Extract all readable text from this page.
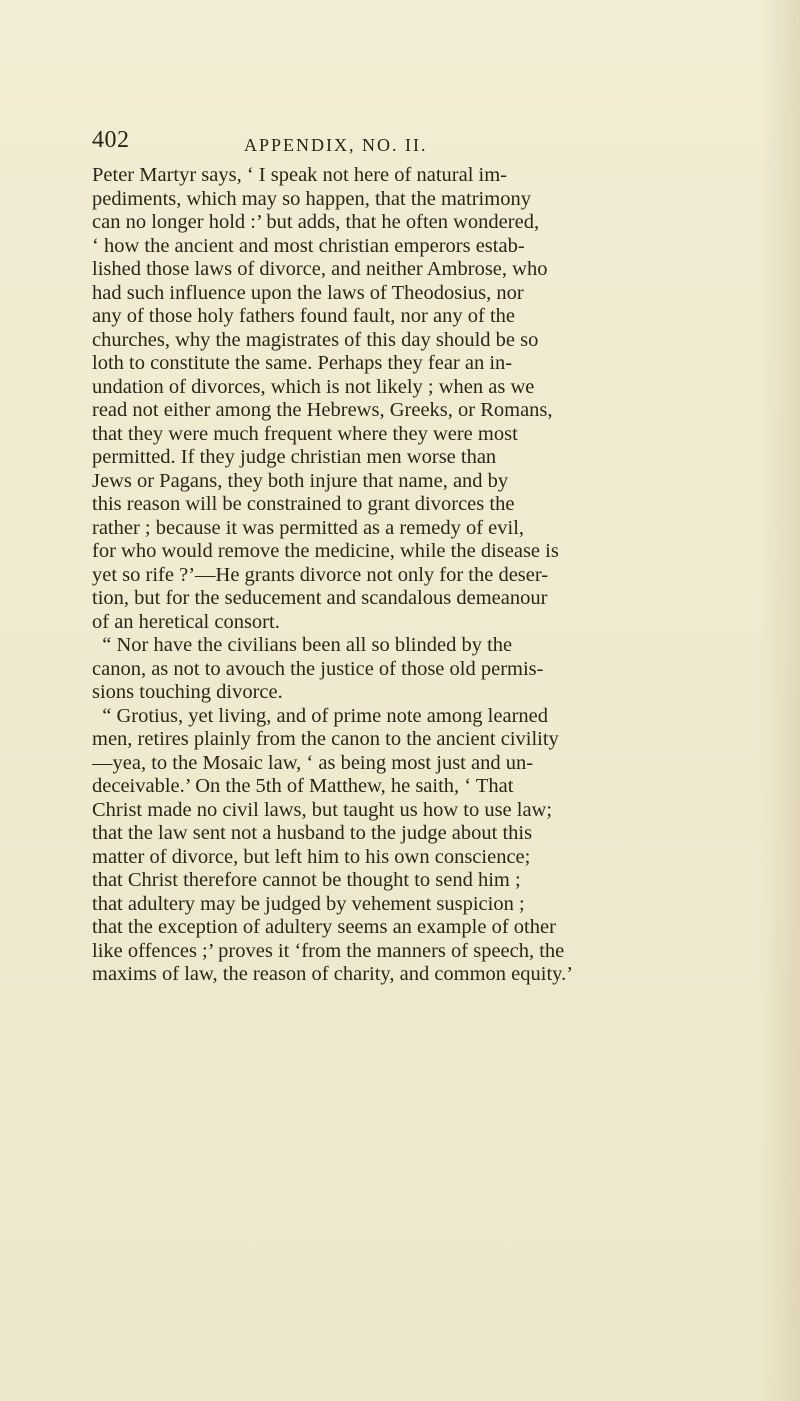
402	APPENDIX, NO. II.
Peter Martyr says, ‘ I speak not here of natural im-
pediments, which may so happen, that the matrimony
can no longer hold :’ but adds, that he often wondered,
‘ how the ancient and most christian emperors estab-
lished those laws of divorce, and neither Ambrose, who
had such influence upon the laws of Theodosius, nor
any of those holy fathers found fault, nor any of the
churches, why the magistrates of this day should be so
loth to constitute the same. Perhaps they fear an in-
undation of divorces, which is not likely ; when as we
read not either among the Hebrews, Greeks, or Romans,
that they were much frequent where they were most
permitted. If they judge christian men worse than
Jews or Pagans, they both injure that name, and by
this reason will be constrained to grant divorces the
rather ; because it was permitted as a remedy of evil,
for who would remove the medicine, while the disease is
yet so rife ?’—He grants divorce not only for the deser-
tion, but for the seducement and scandalous demeanour
of an heretical consort.
“ Nor have the civilians been all so blinded by the
canon, as not to avouch the justice of those old permis-
sions touching divorce.
“ Grotius, yet living, and of prime note among learned
men, retires plainly from the canon to the ancient civility
—yea, to the Mosaic law, ‘ as being most just and un-
deceivable.’ On the 5th of Matthew, he saith, ‘ That
Christ made no civil laws, but taught us how to use law;
that the law sent not a husband to the judge about this
matter of divorce, but left him to his own conscience;
that Christ therefore cannot be thought to send him ;
that adultery may be judged by vehement suspicion ;
that the exception of adultery seems an example of other
like offences ;’ proves it ‘from the manners of speech, the
maxims of law, the reason of charity, and common equity.’
